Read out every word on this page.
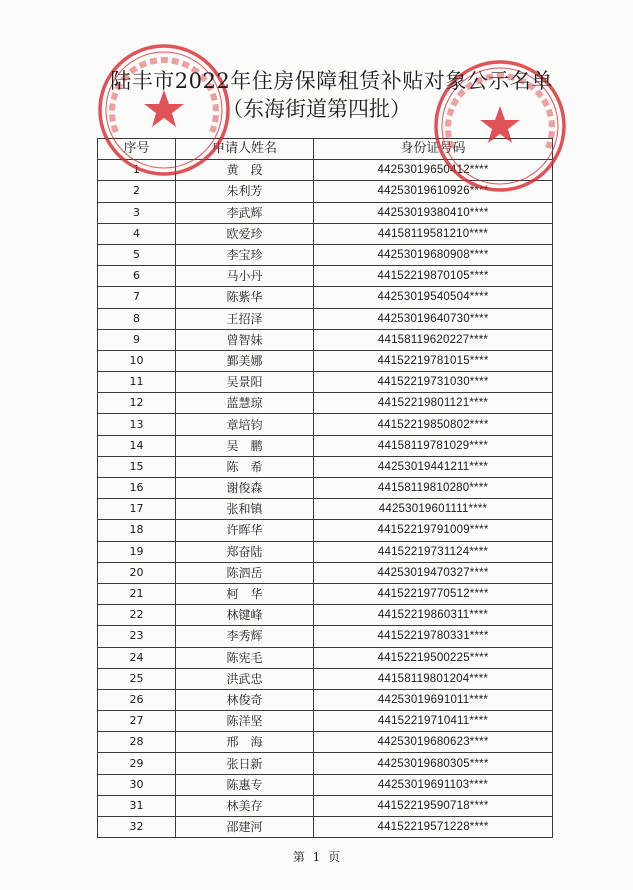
陆丰市2022年住房保障租赁补贴对象公示名单
（东海街道第四批）
序号	申请人姓名	身份证号码
1	黄　段	44253019650412****
2	朱利芳	44253019610926****
3	李武辉	44253019380410****
4	欧爱珍	44158119581210****
5	李宝珍	44253019680908****
6	马小丹	44152219870105****
7	陈紫华	44253019540504****
8	王招泽	44253019640730****
9	曾智妹	44158119620227****
10	鄞美娜	44152219781015****
11	吴景阳	44152219731030****
12	蓝慧琼	44152219801121****
13	章培钧	44152219850802****
14	吴　鹏	44158119781029****
15	陈　希	44253019441211****
16	谢俊森	44158119810280****
17	张和镇	44253019601111****
18	许晖华	44152219791009****
19	郑奋陆	44152219731124****
20	陈泗岳	44253019470327****
21	柯　华	44152219770512****
22	林键峰	44152219860311****
23	李秀辉	44152219780331****
24	陈宪毛	44152219500225****
25	洪武忠	44158119801204****
26	林俊奇	44253019691011****
27	陈洋坚	44152219710411****
28	邢　海	44253019680623****
29	张日新	44253019680305****
30	陈惠专	44253019691103****
31	林美存	44152219590718****
32	邵建河	44152219571228****
第 1 页
